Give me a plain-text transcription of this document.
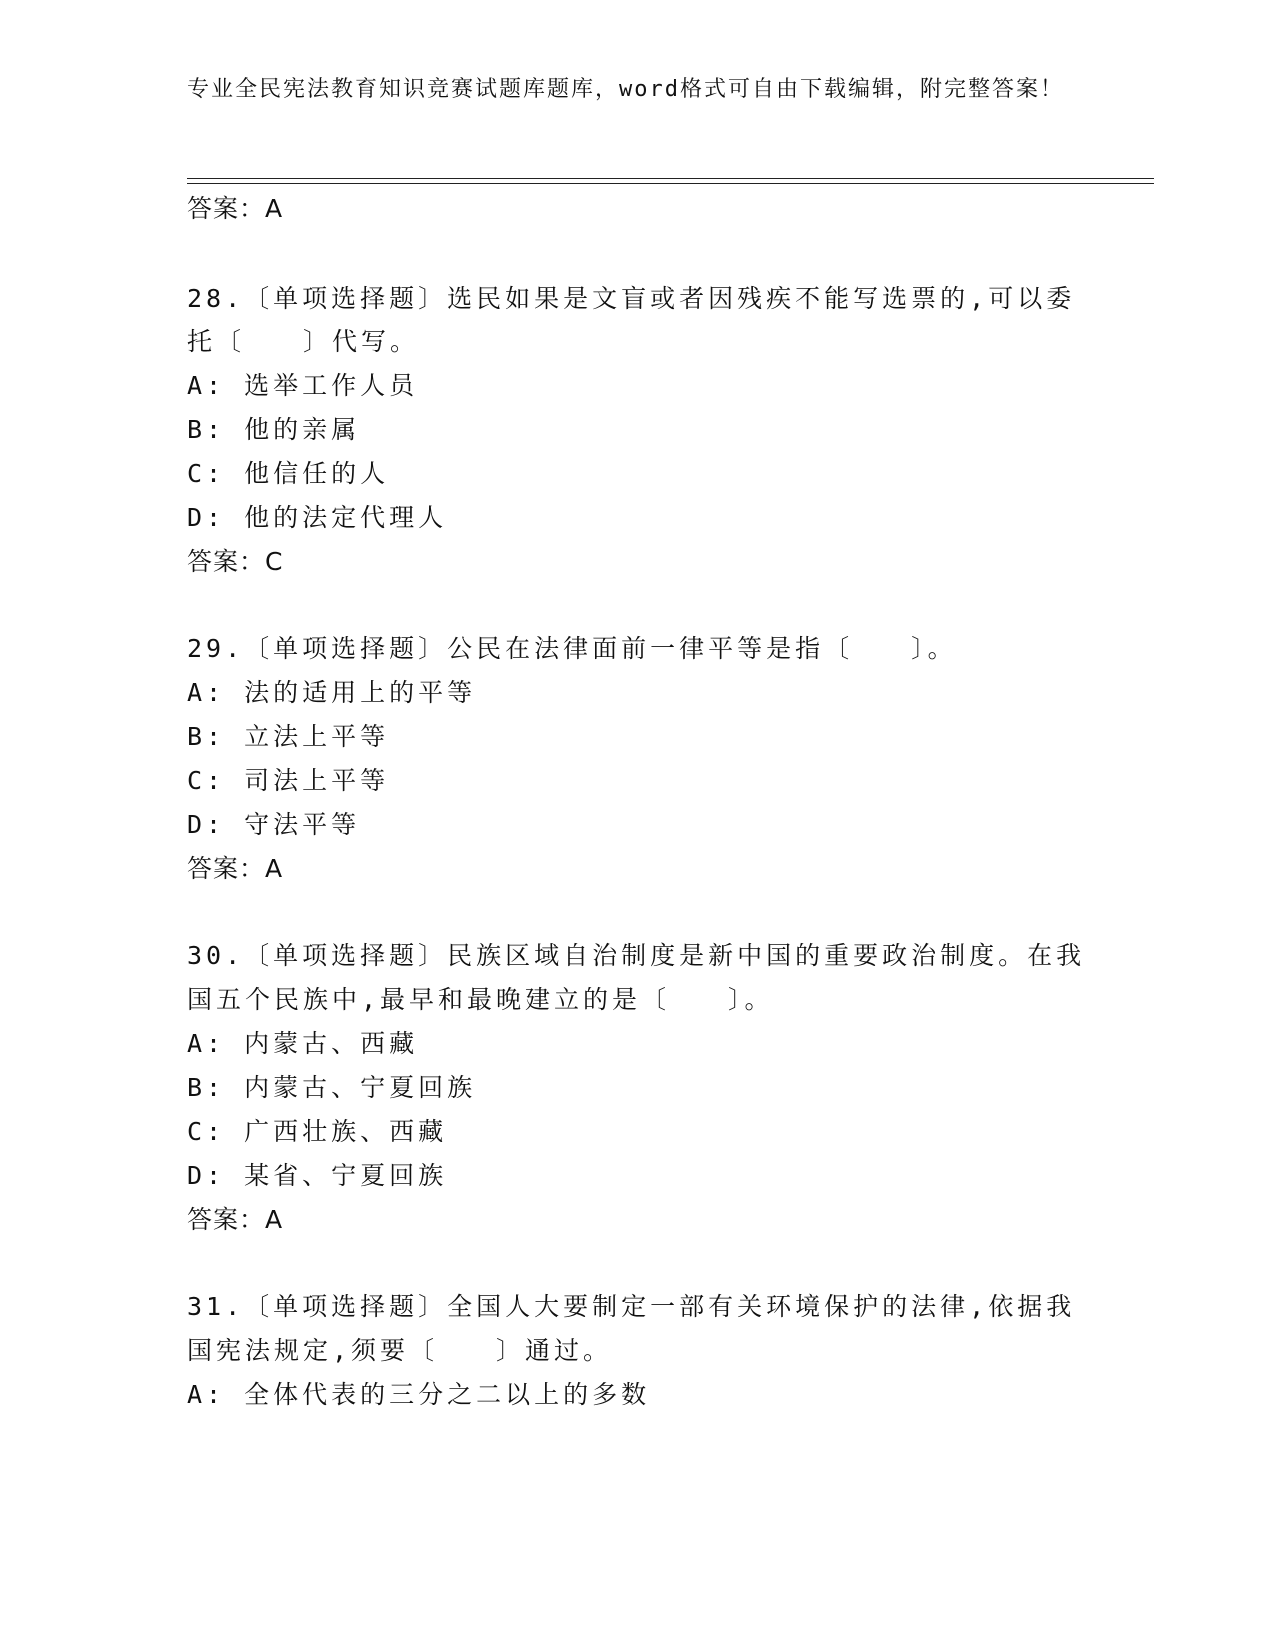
专业全民宪法教育知识竞赛试题库题库，word格式可自由下载编辑，附完整答案！
答案：A
28.〔单项选择题〕选民如果是文盲或者因残疾不能写选票的,可以委
托〔　　〕代写。
A: 选举工作人员
B: 他的亲属
C: 他信任的人
D: 他的法定代理人
答案：C
29.〔单项选择题〕公民在法律面前一律平等是指〔　　〕。
A: 法的适用上的平等
B: 立法上平等
C: 司法上平等
D: 守法平等
答案：A
30.〔单项选择题〕民族区域自治制度是新中国的重要政治制度。在我
国五个民族中,最早和最晚建立的是〔　　〕。
A: 内蒙古、西藏
B: 内蒙古、宁夏回族
C: 广西壮族、西藏
D: 某省、宁夏回族
答案：A
31.〔单项选择题〕全国人大要制定一部有关环境保护的法律,依据我
国宪法规定,须要〔　　〕通过。
A: 全体代表的三分之二以上的多数
